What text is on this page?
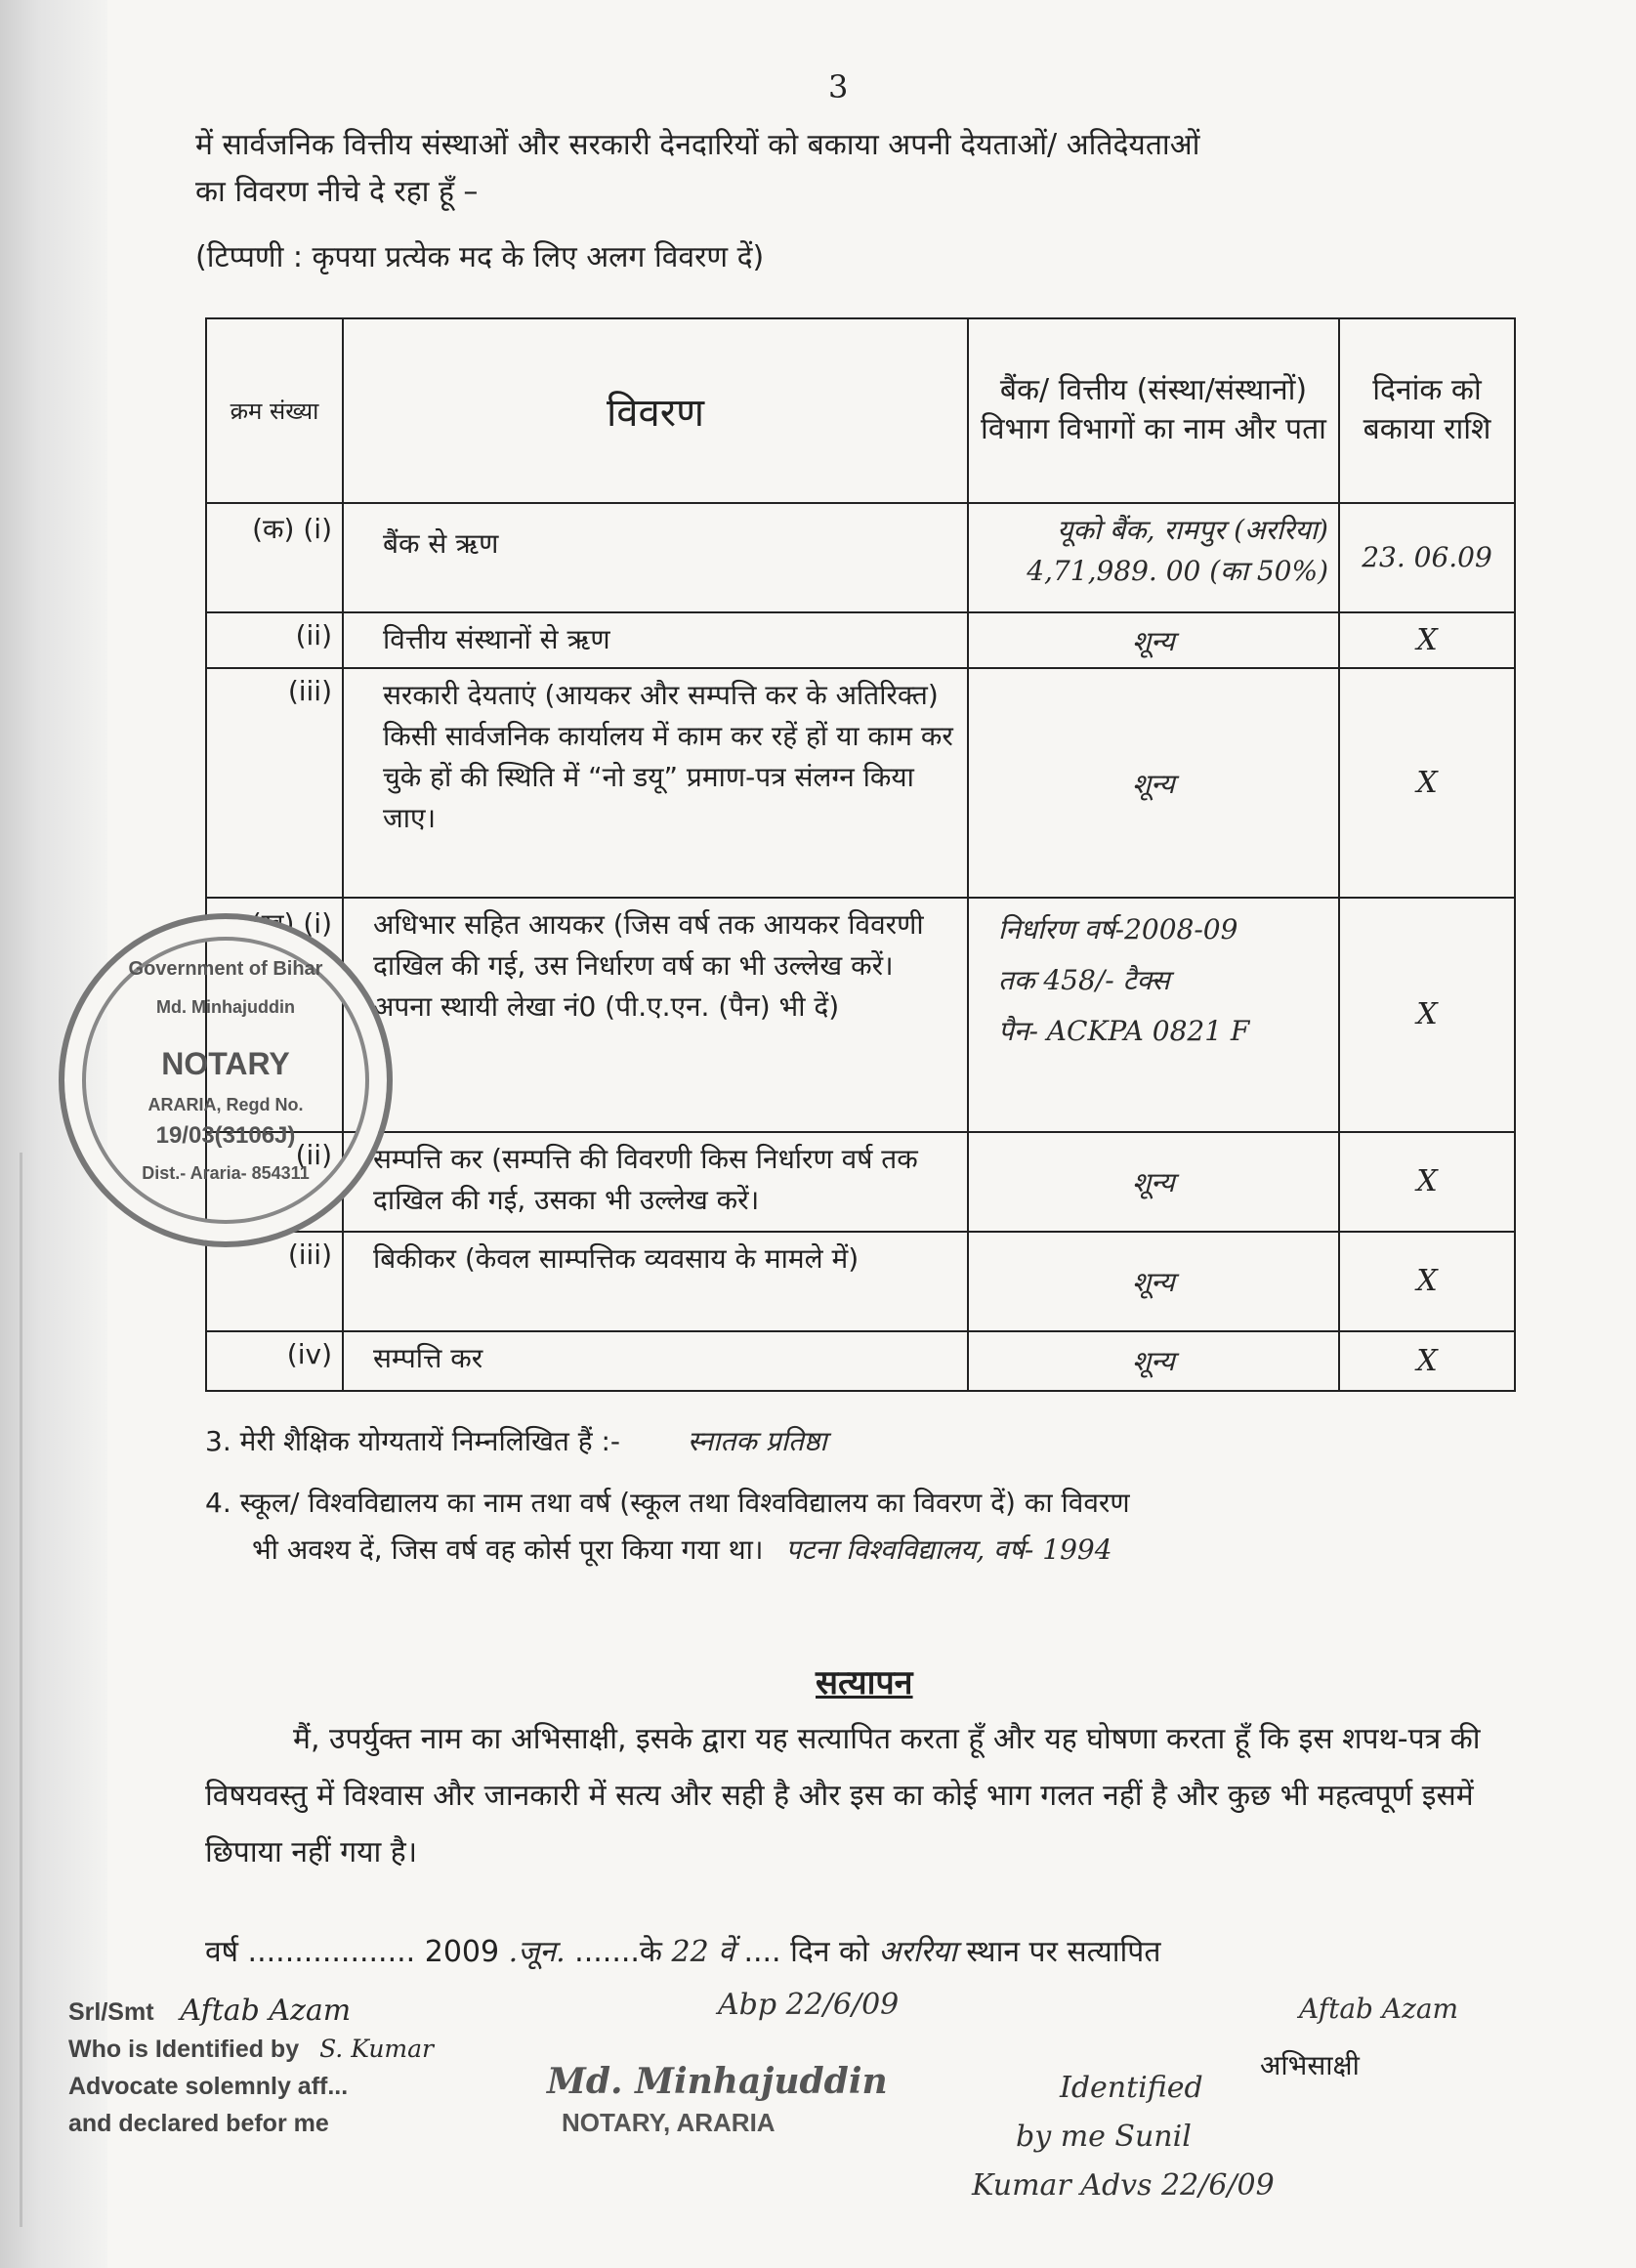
3
में सार्वजनिक वित्तीय संस्थाओं और सरकारी देनदारियों को बकाया अपनी देयताओं/ अतिदेयताओं
का विवरण नीचे दे रहा हूँ –
(टिप्पणी : कृपया प्रत्येक मद के लिए अलग विवरण दें)
क्रम संख्या	विवरण	बैंक/ वित्तीय (संस्था/संस्थानों) विभाग विभागों का नाम और पता	दिनांक को बकाया राशि
(क) (i)	बैंक से ऋण	यूको बैंक, रामपुर (अररिया) 4,71,989. 00 (का 50%)	23. 06.09
(ii)	वित्तीय संस्थानों से ऋण	शून्य	X
(iii)	सरकारी देयताएं (आयकर और सम्पत्ति कर के अतिरिक्त) किसी सार्वजनिक कार्यालय में काम कर रहें हों या काम कर चुके हों की स्थिति में “नो डयू” प्रमाण-पत्र संलग्न किया जाए।	शून्य	X
(ख) (i)	अधिभार सहित आयकर (जिस वर्ष तक आयकर विवरणी दाखिल की गई, उस निर्धारण वर्ष का भी उल्लेख करें। अपना स्थायी लेखा नं0 (पी.ए.एन. (पैन) भी दें)	निर्धारण वर्ष-2008-09
तक 458/- टैक्स
पैन- ACKPA 0821 F	X
(ii)	सम्पत्ति कर (सम्पत्ति की विवरणी किस निर्धारण वर्ष तक दाखिल की गई, उसका भी उल्लेख करें।	शून्य	X
(iii)	बिकीकर (केवल साम्पत्तिक व्यवसाय के मामले में)	शून्य	X
(iv)	सम्पत्ति कर	शून्य	X
Government of Bihar
Md. Minhajuddin
NOTARY
ARARIA, Regd No.
19/03(3106J)
Dist.- Araria- 854311
3. मेरी शैक्षिक योग्यतायें निम्नलिखित हैं :- स्नातक प्रतिष्ठा
4. स्कूल/ विश्वविद्यालय का नाम तथा वर्ष (स्कूल तथा विश्वविद्यालय का विवरण दें) का विवरण
भी अवश्य दें, जिस वर्ष वह कोर्स पूरा किया गया था। पटना विश्वविद्यालय, वर्ष- 1994
सत्यापन
मैं, उपर्युक्त नाम का अभिसाक्षी, इसके द्वारा यह सत्यापित करता हूँ और यह घोषणा करता हूँ कि इस शपथ-पत्र की विषयवस्तु में विश्वास और जानकारी में सत्य और सही है और इस का कोई भाग गलत नहीं है और कुछ भी महत्वपूर्ण इसमें छिपाया नहीं गया है।
वर्ष .................. 2009 .जून. .......के 22 वें .... दिन को अररिया स्थान पर सत्यापित
Srl/Smt Aftab Azam
Who is Identified by S. Kumar
Advocate solemnly aff...
and declared befor me
Abp 22/6/09
Md. Minhajuddin
NOTARY, ARARIA
Identified
by me Sunil
Kumar Advs 22/6/09
Aftab Azam
अभिसाक्षी
